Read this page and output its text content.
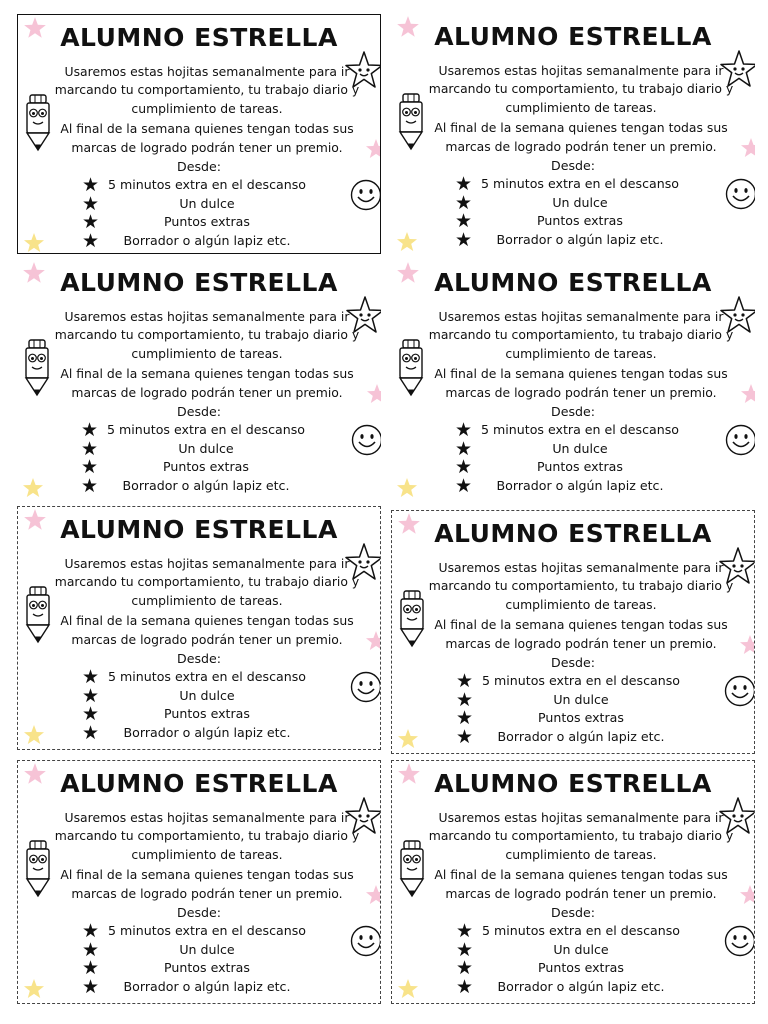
ALUMNO ESTRELLA

Usaremos estas hojitas semanalmente para ir marcando tu comportamiento, tu trabajo diario y cumplimiento de tareas.

Al final de la semana quienes tengan todas sus marcas de logrado podrán tener un premio.

Desde:
★ 5 minutos extra en el descanso
★	Un dulce
★	Puntos extras
★ Borrador o algún lapiz etc.
ALUMNO ESTRELLA

Usaremos estas hojitas semanalmente para ir marcando tu comportamiento, tu trabajo diario y cumplimiento de tareas.

Al final de la semana quienes tengan todas sus marcas de logrado podrán tener un premio.

Desde:
★ 5 minutos extra en el descanso
★	Un dulce
★	Puntos extras
★ Borrador o algún lapiz etc.
ALUMNO ESTRELLA

Usaremos estas hojitas semanalmente para ir marcando tu comportamiento, tu trabajo diario y cumplimiento de tareas.

Al final de la semana quienes tengan todas sus marcas de logrado podrán tener un premio.

Desde:
★ 5 minutos extra en el descanso
★	Un dulce
★	Puntos extras
★ Borrador o algún lapiz etc.
ALUMNO ESTRELLA

Usaremos estas hojitas semanalmente para ir marcando tu comportamiento, tu trabajo diario y cumplimiento de tareas.

Al final de la semana quienes tengan todas sus marcas de logrado podrán tener un premio.

Desde:
★ 5 minutos extra en el descanso
★	Un dulce
★	Puntos extras
★ Borrador o algún lapiz etc.
ALUMNO ESTRELLA

Usaremos estas hojitas semanalmente para ir marcando tu comportamiento, tu trabajo diario y cumplimiento de tareas.

Al final de la semana quienes tengan todas sus marcas de logrado podrán tener un premio.

Desde:
★ 5 minutos extra en el descanso
★	Un dulce
★	Puntos extras
★ Borrador o algún lapiz etc.
ALUMNO ESTRELLA

Usaremos estas hojitas semanalmente para ir marcando tu comportamiento, tu trabajo diario y cumplimiento de tareas.

Al final de la semana quienes tengan todas sus marcas de logrado podrán tener un premio.

Desde:
★ 5 minutos extra en el descanso
★	Un dulce
★	Puntos extras
★ Borrador o algún lapiz etc.
ALUMNO ESTRELLA

Usaremos estas hojitas semanalmente para ir marcando tu comportamiento, tu trabajo diario y cumplimiento de tareas.

Al final de la semana quienes tengan todas sus marcas de logrado podrán tener un premio.

Desde:
★ 5 minutos extra en el descanso
★	Un dulce
★	Puntos extras
★ Borrador o algún lapiz etc.
ALUMNO ESTRELLA

Usaremos estas hojitas semanalmente para ir marcando tu comportamiento, tu trabajo diario y cumplimiento de tareas.

Al final de la semana quienes tengan todas sus marcas de logrado podrán tener un premio.

Desde:
★ 5 minutos extra en el descanso
★	Un dulce
★	Puntos extras
★ Borrador o algún lapiz etc.
